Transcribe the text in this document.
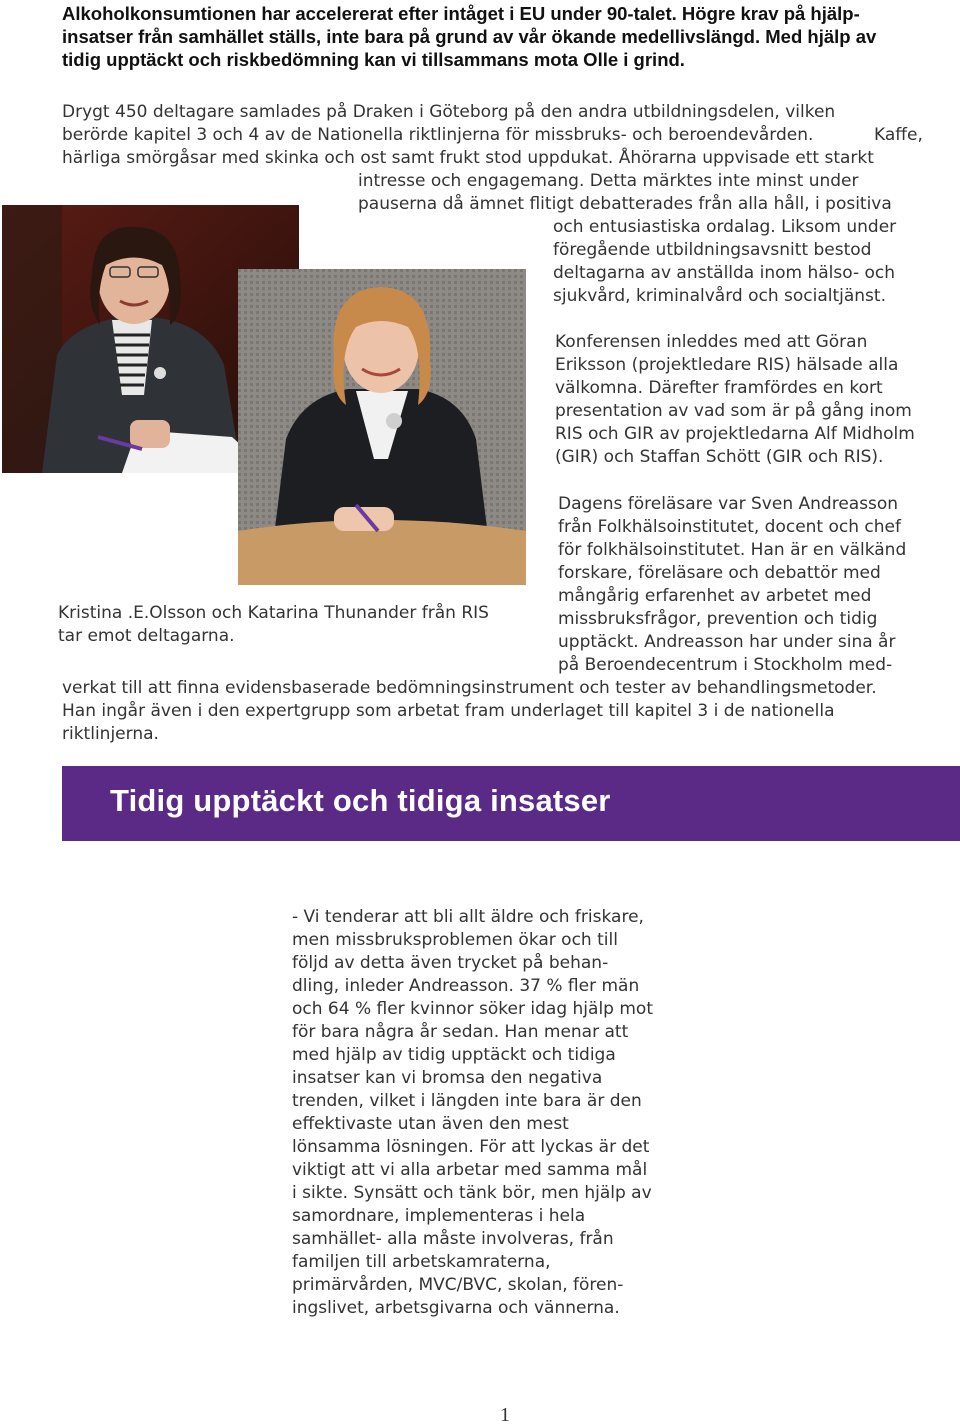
Alkoholkonsumtionen har accelererat efter intåget i EU under 90-talet. Högre krav på hjälp-
insatser från samhället ställs, inte bara på grund av vår ökande medellivslängd. Med hjälp av
tidig upptäckt och riskbedömning kan vi tillsammans mota Olle i grind.

Drygt 450 deltagare samlades på Draken i Göteborg på den andra utbildningsdelen, vilken
berörde kapitel 3 och 4 av de Nationella riktlinjerna för missbruks- och beroendevården.	Kaffe,
härliga smörgåsar med skinka och ost samt frukt stod uppdukat. Åhörarna uppvisade ett starkt
intresse och engagemang. Detta märktes inte minst under
pauserna då ämnet flitigt debatterades från alla håll, i positiva
och entusiastiska ordalag. Liksom under
föregående utbildningsavsnitt bestod
deltagarna av anställda inom hälso- och
sjukvård, kriminalvård och socialtjänst.
Konferensen inleddes med att Göran
Eriksson (projektledare RIS) hälsade alla
välkomna. Därefter framfördes en kort
presentation av vad som är på gång inom
RIS och GIR av projektledarna Alf Midholm
(GIR) och Staffan Schött (GIR och RIS).
Dagens föreläsare var Sven Andreasson
från Folkhälsoinstitutet, docent och chef
för folkhälsoinstitutet. Han är en välkänd
forskare, föreläsare och debattör med
mångårig erfarenhet av arbetet med
missbruksfrågor, prevention och tidig
upptäckt. Andreasson har under sina år
på Beroendecentrum i Stockholm med-
verkat till att finna evidensbaserade bedömningsinstrument och tester av behandlingsmetoder.
Han ingår även i den expertgrupp som arbetat fram underlaget till kapitel 3 i de nationella
riktlinjerna.
Kristina .E.Olsson och Katarina Thunander från RIS
tar emot deltagarna.
Tidig upptäckt och tidiga insatser
- Vi tenderar att bli allt äldre och friskare,
men missbruksproblemen ökar och till
följd av detta även trycket på behan-
dling, inleder Andreasson. 37 % fler män
och 64 % fler kvinnor söker idag hjälp mot
för bara några år sedan. Han menar att
med hjälp av tidig upptäckt och tidiga
insatser kan vi bromsa den negativa
trenden, vilket i längden inte bara är den
effektivaste utan även den mest
lönsamma lösningen. För att lyckas är det
viktigt att vi alla arbetar med samma mål
i sikte. Synsätt och tänk bör, men hjälp av
samordnare, implementeras i hela
samhället- alla måste involveras, från
familjen till arbetskamraterna,
primärvården, MVC/BVC, skolan, fören-
ingslivet, arbetsgivarna och vännerna.
1
